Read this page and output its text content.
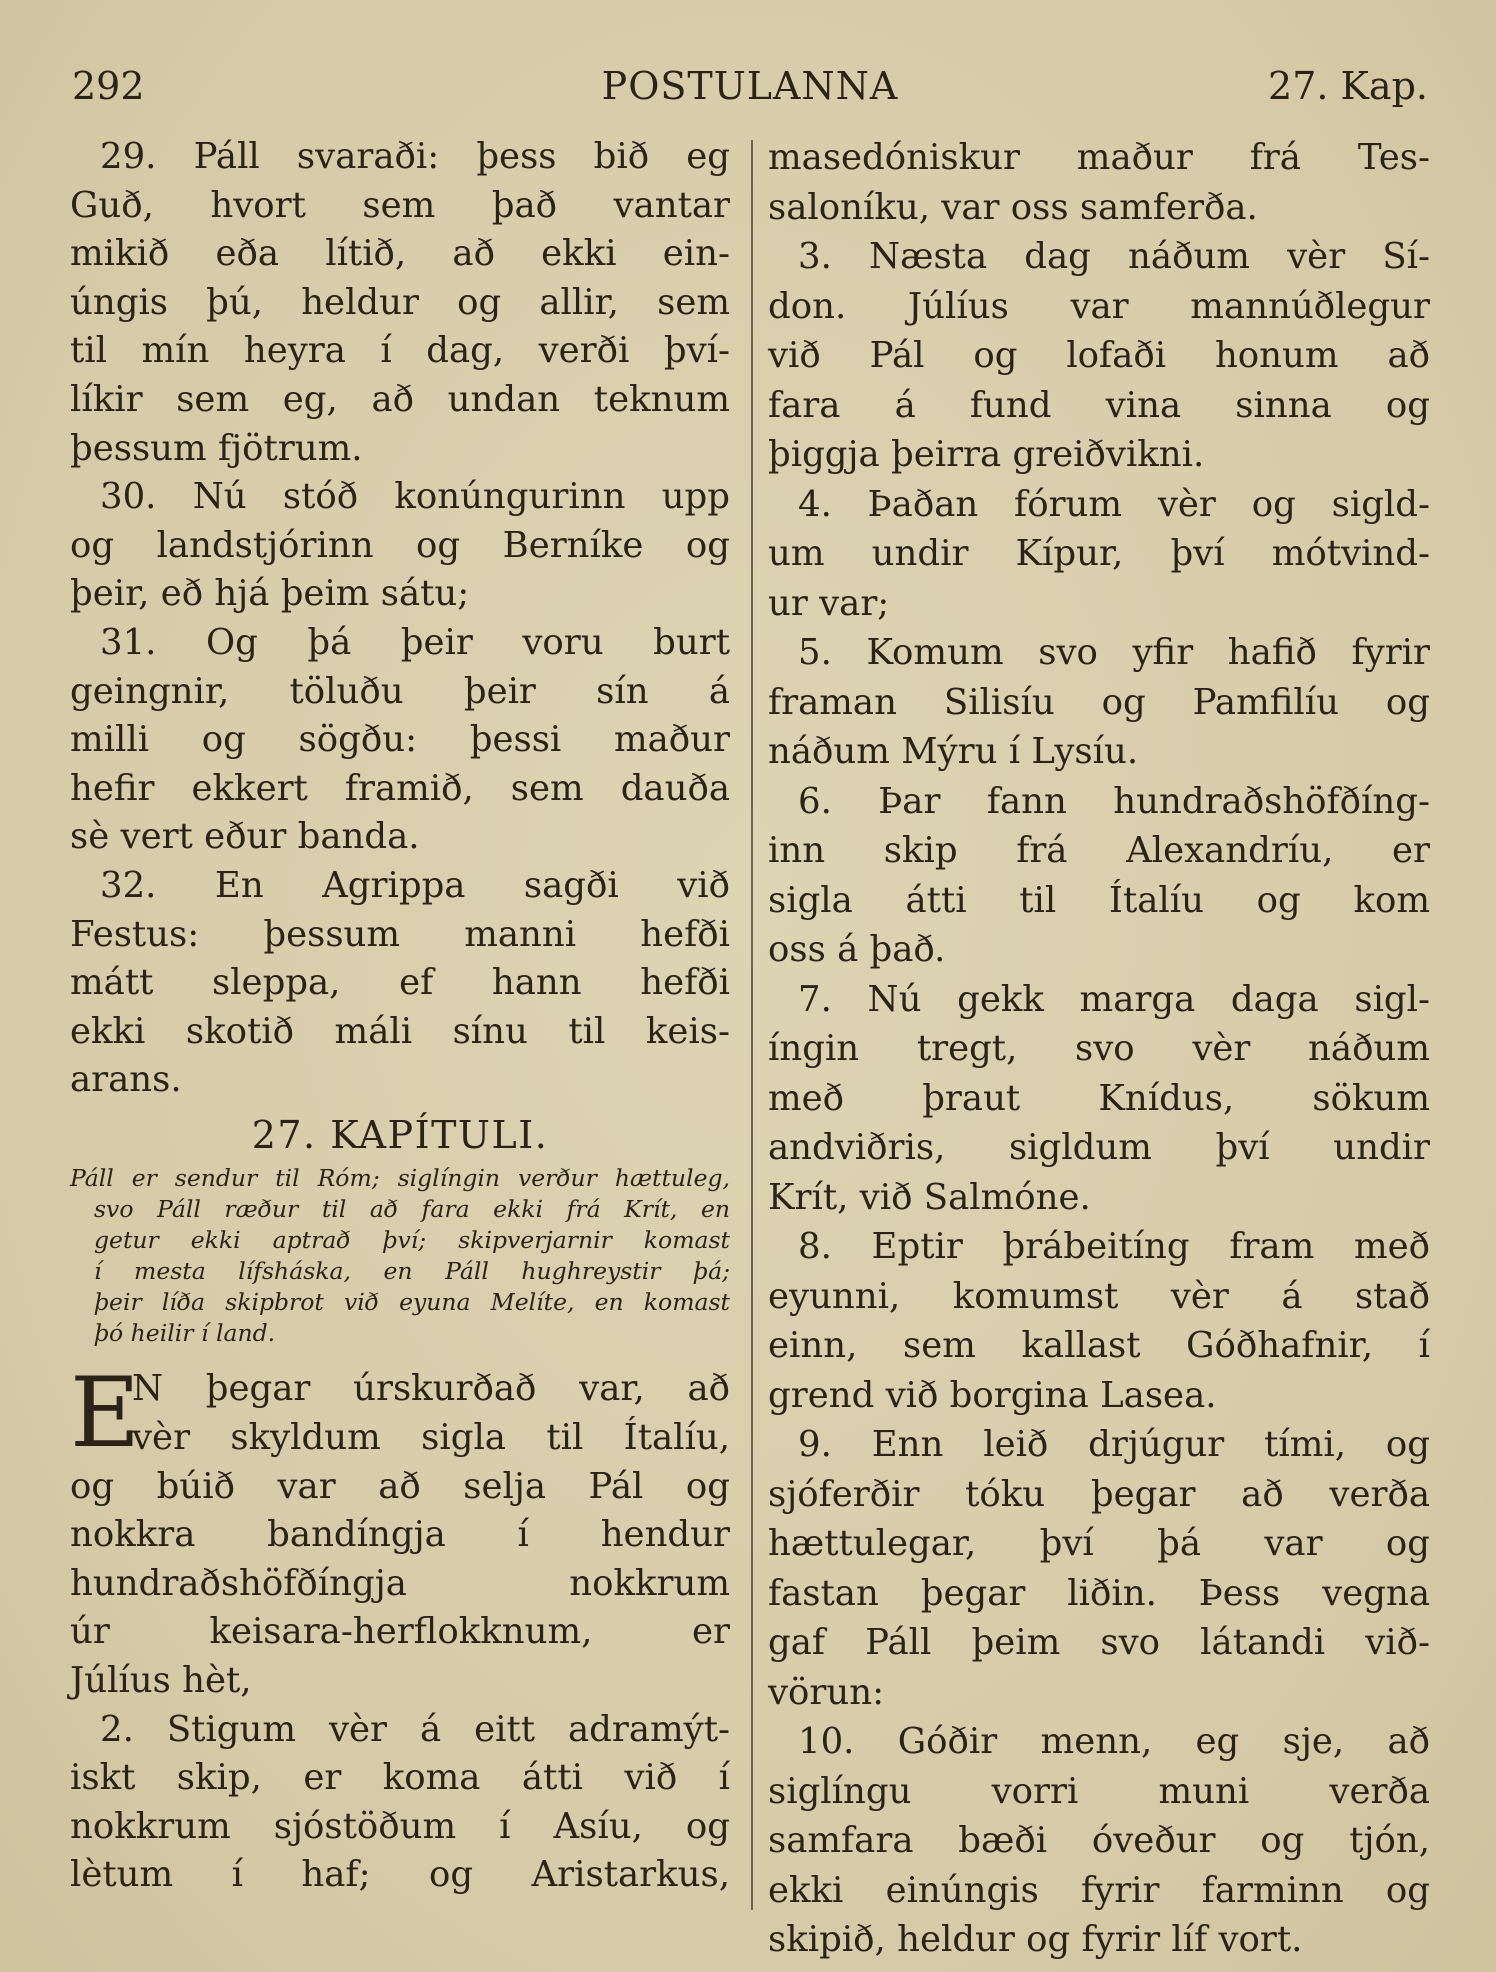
292	POSTULANNA	27. Kap.
29. Páll svaraði: þess bið eg
Guð, hvort sem það vantar
mikið eða lítið, að ekki ein-
úngis þú, heldur og allir, sem
til mín heyra í dag, verði því-
líkir sem eg, að undan teknum
þessum fjötrum.
30. Nú stóð konúngurinn upp
og landstjórinn og Berníke og
þeir, eð hjá þeim sátu;
31. Og þá þeir voru burt
geingnir, töluðu þeir sín á
milli og sögðu: þessi maður
hefir ekkert framið, sem dauða
sè vert eður banda.
32. En Agrippa sagði við
Festus: þessum manni hefði
mátt sleppa, ef hann hefði
ekki skotið máli sínu til keis-
arans.
27. KAPÍTULI.
Páll er sendur til Róm; siglíngin verður hættuleg,
svo Páll ræður til að fara ekki frá Krít, en
getur ekki aptrað því; skipverjarnir komast
í mesta lífsháska, en Páll hughreystir þá;
þeir líða skipbrot við eyuna Melíte, en komast
þó heilir í land.
E
N þegar úrskurðað var, að
vèr skyldum sigla til Ítalíu,
og búið var að selja Pál og
nokkra bandíngja í hendur
hundraðshöfðíngja nokkrum
úr keisara-herflokknum, er
Júlíus hèt,
2. Stigum vèr á eitt adramýt-
iskt skip, er koma átti við í
nokkrum sjóstöðum í Asíu, og
lètum í haf; og Aristarkus,
masedóniskur maður frá Tes-
saloníku, var oss samferða.
3. Næsta dag náðum vèr Sí-
don. Júlíus var mannúðlegur
við Pál og lofaði honum að
fara á fund vina sinna og
þiggja þeirra greiðvikni.
4. Þaðan fórum vèr og sigld-
um undir Kípur, því mótvind-
ur var;
5. Komum svo yfir hafið fyrir
framan Silisíu og Pamfilíu og
náðum Mýru í Lysíu.
6. Þar fann hundraðshöfðíng-
inn skip frá Alexandríu, er
sigla átti til Ítalíu og kom
oss á það.
7. Nú gekk marga daga sigl-
íngin tregt, svo vèr náðum
með þraut Knídus, sökum
andviðris, sigldum því undir
Krít, við Salmóne.
8. Eptir þrábeitíng fram með
eyunni, komumst vèr á stað
einn, sem kallast Góðhafnir, í
grend við borgina Lasea.
9. Enn leið drjúgur tími, og
sjóferðir tóku þegar að verða
hættulegar, því þá var og
fastan þegar liðin. Þess vegna
gaf Páll þeim svo látandi við-
vörun:
10. Góðir menn, eg sje, að
siglíngu vorri muni verða
samfara bæði óveður og tjón,
ekki einúngis fyrir farminn og
skipið, heldur og fyrir líf vort.
